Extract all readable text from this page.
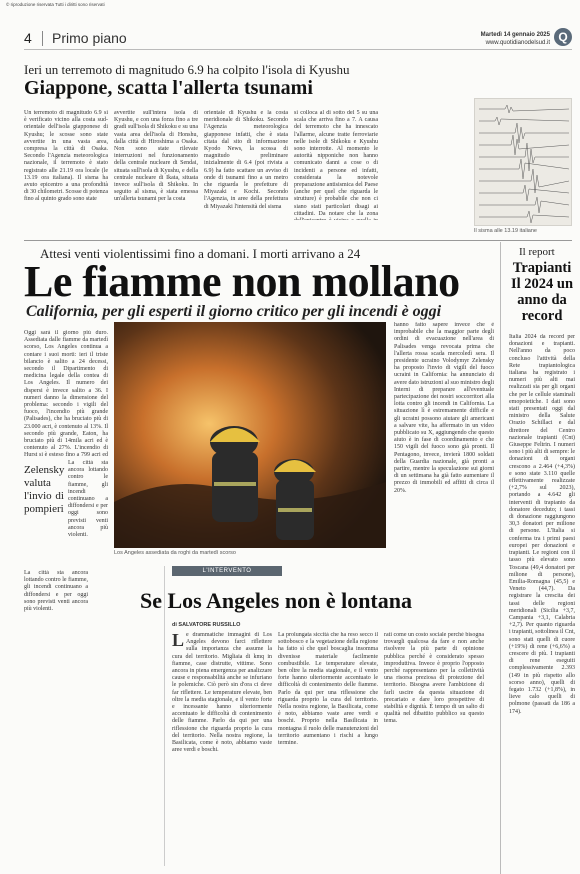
© riproduzione riservata Tutti i diritti sono riservati
4 Primo piano	Martedì 14 gennaio 2025
www.quotidianodelsud.it Q
Ieri un terremoto di magnitudo 6.9 ha colpito l'isola di Kyushu
Giappone, scatta l'allerta tsunami
Un terremoto di magnitudo 6.9 si è verificato vicino alla costa sud-orientale dell'isola giapponese di Kyushu; le scosse sono state avvertite in una vasta area, compresa la città di Osaka. Secondo l'Agenzia meteorologica nazionale, il terremoto è stato registrato alle 21.19 ora locale (le 13.19 ora italiana). Il sisma ha avuto epicentro a una profondità di 30 chilometri. Scosse di potenza fino al quinto grado sono state
avvertite sull'intera isola di Kyushu, e con una forza fino a tre gradi sull'isola di Shikoku e su una vasta area dell'isola di Honshu, dalla città di Hiroshima a Osaka. Non sono state rilevate interruzioni nel funzionamento della centrale nucleare di Sendai, situata sull'isola di Kyushu, e della centrale nucleare di Ikata, situata invece sull'isola di Shikoku. In seguito al sisma, è stata emessa un'allerta tsunami per la costa
orientale di Kyushu e la costa meridionale di Shikoku. Secondo l'Agenzia meteorologica giapponese infatti, che è stata citata dal sito di informazione Kyodo News, la scossa di magnitudo preliminare inizialmente di 6.4 (poi rivista a 6.9) ha fatto scattare un avviso di onde di tsunami fino a un metro che riguarda le prefetture di Miyazaki e Kochi. Secondo l'Agenzia, in aree della prefettura di Miyazaki l'intensità del sisma
si colloca al di sotto del 5 su una scala che arriva fino a 7. A causa del terremoto che ha innescato l'allarme, alcune tratte ferroviarie nelle isole di Shikoku e Kyushu sono interrotte. Al momento le autorità nipponiche non hanno comunicato danni a cose o di incidenti a persone ed infatti, considerata la notevole preparazione antisismica del Paese (anche per quel che riguarda le strutture) è probabile che non ci siano stati particolari disagi ai cittadini. Da notare che la zona
Il sisma alle 13.19 italiane
Attesi venti violentissimi fino a domani. I morti arrivano a 24
Le fiamme non mollano
California, per gli esperti il giorno critico per gli incendi è oggi
Oggi sarà il giorno più duro. Assediata dalle fiamme da martedì scorso, Los Angeles continua a contare i suoi morti: ieri il triste bilancio è salito a 24 decessi, secondo il Dipartimento di medicina legale della contea di Los Angeles. Il numero dei dispersi è invece salito a 36. I numeri danno la dimensione del problema: secondo i vigili del fuoco, l'incendio più grande (Palisades), che ha bruciato più di 23.000 acri, è contenuto al 13%. Il secondo più grande, Eaton, ha bruciato più di 14mila acri ed è contenuto al 27%. L'incendio di Hurst si è esteso fino a 799 acri ed
Zelensky valuta l'invio di pompieri
La città sta ancora lottando contro le fiamme, gli incendi continuano a diffondersi e per oggi sono previsti venti ancora più violenti.
hanno fatto sapere invece che è improbabile che la maggior parte degli ordini di evacuazione nell'area di Palisades venga revocata prima che l'allerta rossa scada mercoledì sera. Il presidente ucraino Volodymyr Zelensky ha proposto l'invio di vigili del fuoco ucraini in California: ha annunciato di avere dato istruzioni al suo ministro degli Interni di preparare all'eventuale partecipazione dei nostri soccorritori alla lotta contro gli incendi in California. La situazione lì è estremamente difficile e gli ucraini possono aiutare gli americani a salvare vite, ha affermato in un video pubblicato su X, aggiungendo che questo aiuto è in fase di coordinamento e che 150 vigili del fuoco sono già pronti. Il Pentagono, invece, invierà 1800 soldati della Guardia nazionale, già pronti a partire, mentre la speculazione sui giorni di un settimana ha già fatto aumentare il prezzo di immobili ed affitti di circa il 20%.
Los Angeles assediata da roghi da martedì scorso
Il report
Trapianti Il 2024 un anno da record
Italia 2024 da record per donazioni e trapianti. Nell'anno da poco concluso l'attività della Rete trapiantologica italiana ha registrato i numeri più alti mai realizzati sia per gli organi che per le cellule staminali emopoietiche. I dati sono stati presentati oggi dal ministro della Salute Orazio Schillaci e dal direttore del Centro nazionale trapianti (Cnt) Giuseppe Feltrin. I numeri sono i più alti di sempre: le donazioni di organi crescono a 2.464 (+4,3%) e sono state 3.110 quelle effettivamente realizzate (+2,7% sul 2023), portando a 4.642 gli interventi di trapianto da donatore deceduto; i tassi di donazione raggiungono 30,3 donatori per milione di persone. L'Italia si conferma tra i primi paesi europei per donazioni e trapianti. Le regioni con il tasso più elevato sono Toscana (49,4 donatori per milione di persone), Emilia-Romagna (45,5) e Veneto (44,7). Da registrare la crescita dei tassi delle regioni meridionali (Sicilia +3,7, Campania +3,1, Calabria +2,7). Per quanto riguarda i trapianti, sottolinea il Cnt, sono stati quelli di cuore (+19%) di rene (+6,6%) a crescere di più. I trapianti di rene eseguiti complessivamente 2.393 (149 in più rispetto allo scorso anno), quelli di fegato 1.732 (+1,8%), in lieve calo quelli di polmone (passati da 186 a 174).
La città sta ancora lottando contro le fiamme, gli incendi continuano a diffondersi e per oggi sono previsti venti ancora più violenti.
L'INTERVENTO
Se Los Angeles non è lontana
di SALVATORE RUSSILLO
Le drammatiche immagini di Los Angeles devono farci riflettere sulla importanza che assume la cura del territorio. Migliaia di kmq in fiamme, case distrutte, vittime. Sono ancora in piena emergenza per analizzare cause e responsabilità anche se infuriano le polemiche. Ciò però sin d'ora ci deve far riflettere. Le temperature elevate, ben oltre la media stagionale, e il vento forte e incessante hanno ulteriormente accentuato le difficoltà di contenimento delle fiamme. Parlo da qui per una riflessione che riguarda proprio la cura del territorio. Nella nostra regione, la Basilicata, come è noto, abbiamo vaste aree verdi e boschi.
La prolungata siccità che ha reso secco il sottobosco e la vegetazione della regione ha fatto sì che quel boscaglia insomma divenisse materiale facilmente combustibile. Le temperature elevate, ben oltre la media stagionale, e il vento forte hanno ulteriormente accentuato le difficoltà di contenimento delle fiamme. Parlo da qui per una riflessione che riguarda proprio la cura del territorio. Nella nostra regione, la Basilicata, come è noto, abbiamo vaste aree verdi e boschi. Proprio nella Basilicata in montagna il ruolo delle manutenzioni del territorio aumentano i rischi a lungo termine.
rati come un costo sociale perché bisogna trovargli qualcosa da fare e non anche risolvere la più parte di opinione pubblica perché è considerato spesso improduttiva. Invece è proprio l'opposto perché rappresentano per la collettività una risorsa preziosa di protezione del territorio. Bisogna avere l'ambizione di farli uscire da questa situazione di precariato e dare loro prospettive di stabilità e dignità. È tempo di un salto di qualità nel dibattito pubblico su questo tema.
